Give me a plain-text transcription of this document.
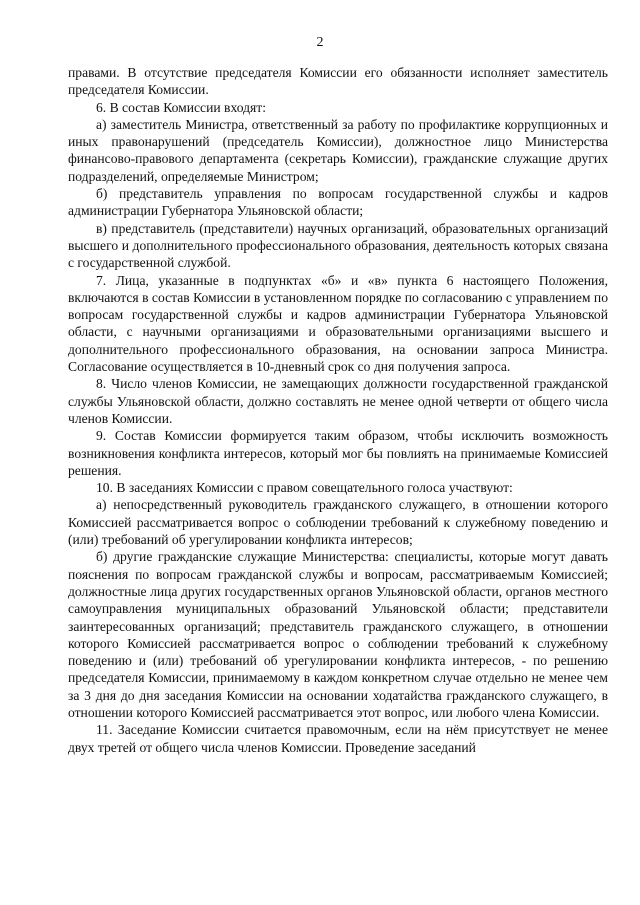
2

правами. В отсутствие председателя Комиссии его обязанности исполняет заместитель председателя Комиссии.

6. В состав Комиссии входят:

а) заместитель Министра, ответственный за работу по профилактике коррупционных и иных правонарушений (председатель Комиссии), должностное лицо Министерства финансово-правового департамента (секретарь Комиссии), гражданские служащие других подразделений, определяемые Министром;

б) представитель управления по вопросам государственной службы и кадров администрации Губернатора Ульяновской области;

в) представитель (представители) научных организаций, образовательных организаций высшего и дополнительного профессионального образования, деятельность которых связана с государственной службой.

7. Лица, указанные в подпунктах «б» и «в» пункта 6 настоящего Положения, включаются в состав Комиссии в установленном порядке по согласованию с управлением по вопросам государственной службы и кадров администрации Губернатора Ульяновской области, с научными организациями и образовательными организациями высшего и дополнительного профессионального образования, на основании запроса Министра. Согласование осуществляется в 10-дневный срок со дня получения запроса.

8. Число членов Комиссии, не замещающих должности государственной гражданской службы Ульяновской области, должно составлять не менее одной четверти от общего числа членов Комиссии.

9. Состав Комиссии формируется таким образом, чтобы исключить возможность возникновения конфликта интересов, который мог бы повлиять на принимаемые Комиссией решения.

10. В заседаниях Комиссии с правом совещательного голоса участвуют:

а) непосредственный руководитель гражданского служащего, в отношении которого Комиссией рассматривается вопрос о соблюдении требований к служебному поведению и (или) требований об урегулировании конфликта интересов;

б) другие гражданские служащие Министерства: специалисты, которые могут давать пояснения по вопросам гражданской службы и вопросам, рассматриваемым Комиссией; должностные лица других государственных органов Ульяновской области, органов местного самоуправления муниципальных образований Ульяновской области; представители заинтересованных организаций; представитель гражданского служащего, в отношении которого Комиссией рассматривается вопрос о соблюдении требований к служебному поведению и (или) требований об урегулировании конфликта интересов, - по решению председателя Комиссии, принимаемому в каждом конкретном случае отдельно не менее чем за 3 дня до дня заседания Комиссии на основании ходатайства гражданского служащего, в отношении которого Комиссией рассматривается этот вопрос, или любого члена Комиссии.

11. Заседание Комиссии считается правомочным, если на нём присутствует не менее двух третей от общего числа членов Комиссии. Проведение заседаний
